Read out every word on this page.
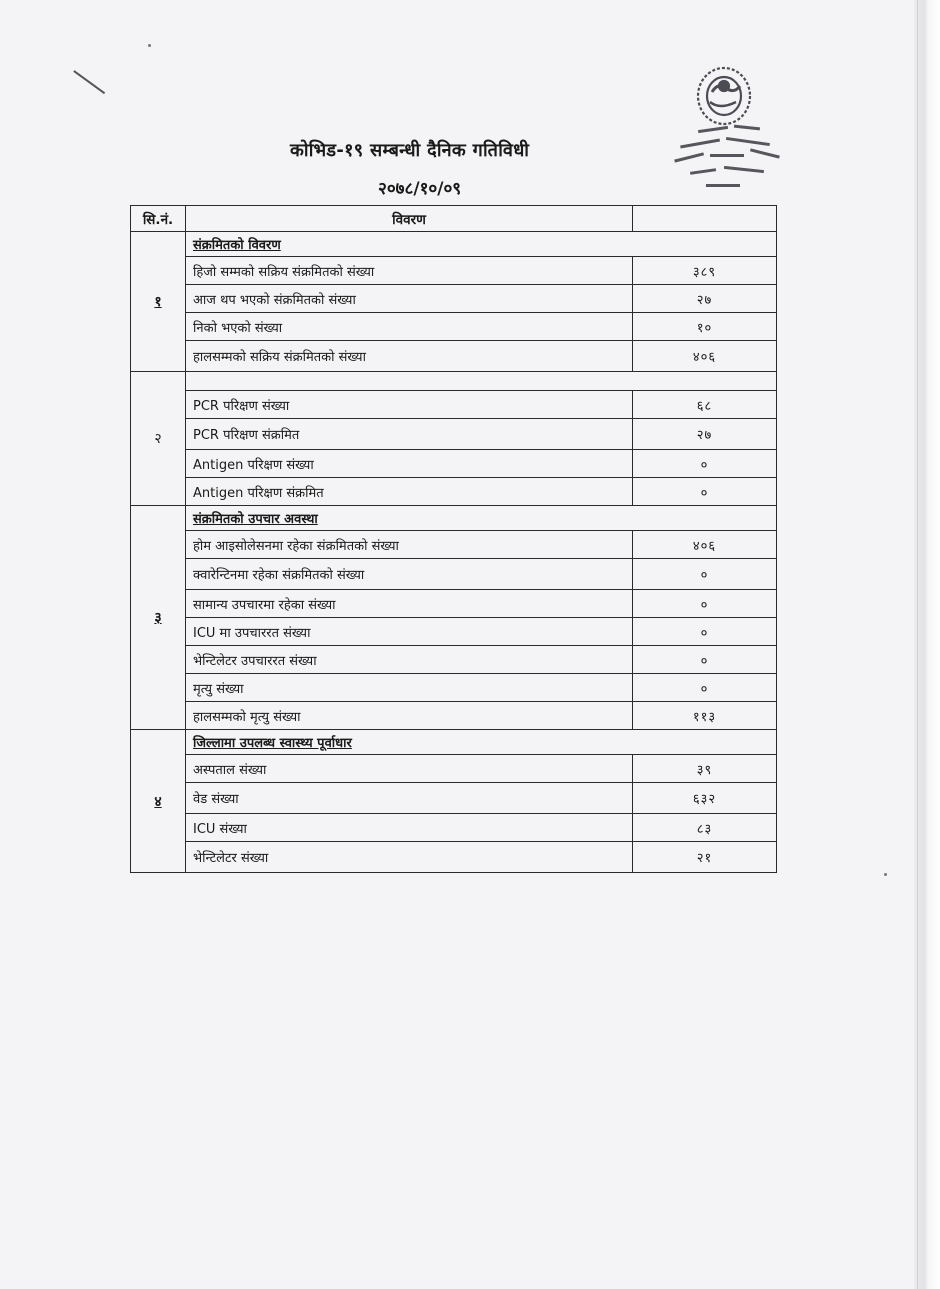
कोभिड-१९ सम्बन्धी दैनिक गतिविधी
२०७८/१०/०९
सि.नं.	विवरण	
१	संक्रमितको विवरण	
	हिजो सम्मको सक्रिय संक्रमितको संख्या	३८९
	आज थप भएको संक्रमितको संख्या	२७
	निको भएको संख्या	१०
	हालसम्मको सक्रिय संक्रमितको संख्या	४०६
२		
	PCR परिक्षण संख्या	६८
	PCR परिक्षण संक्रमित	२७
	Antigen परिक्षण संख्या	०
	Antigen परिक्षण संक्रमित	०
३	संक्रमितको उपचार अवस्था	
	होम आइसोलेसनमा रहेका संक्रमितको संख्या	४०६
	क्वारेन्टिनमा रहेका संक्रमितको संख्या	०
	सामान्य उपचारमा रहेका संख्या	०
	ICU मा उपचाररत संख्या	०
	भेन्टिलेटर उपचाररत संख्या	०
	मृत्यु संख्या	०
	हालसम्मको मृत्यु संख्या	११३
४	जिल्लामा उपलब्ध स्वास्थ्य पूर्वाधार	
	अस्पताल संख्या	३९
	वेड संख्या	६३२
	ICU संख्या	८३
	भेन्टिलेटर संख्या	२१
